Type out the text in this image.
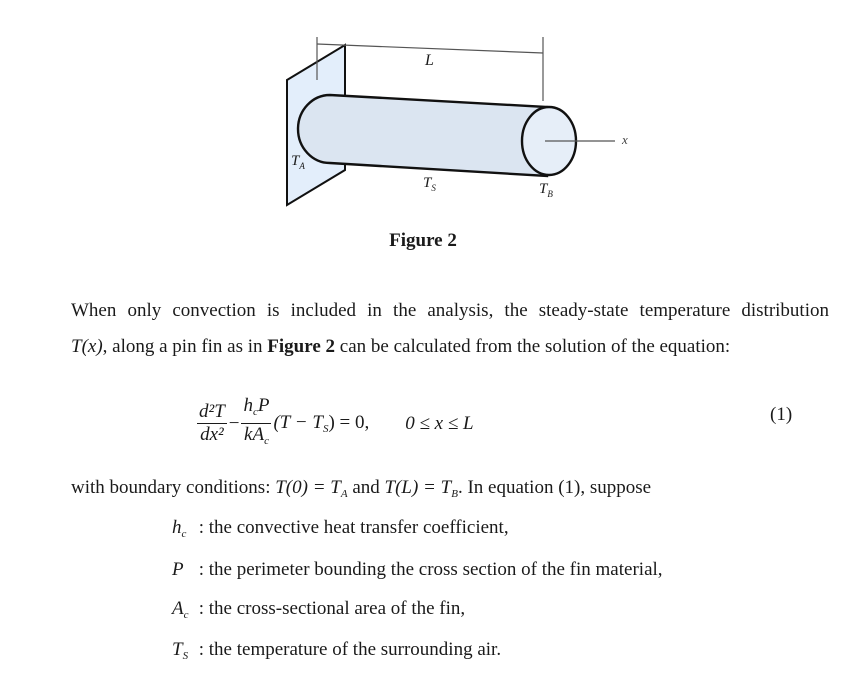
L
x
$T_A$
$T_S$	$T_B$
Figure 2
When only convection is included in the analysis, the steady-state temperature distribution
T(x), along a pin fin as in Figure 2 can be calculated from the solution of the equation:
$\frac{\text{d²T}}{\text{dx²}} - \frac{h_cP}{kA_c} (T - T_S) = 0$, 0 ≤ x ≤ L	(1)
with boundary conditions: $T(0) = T_A$ and $T(L) = T_B$. In equation (1), suppose
$h_c$ : the convective heat transfer coefficient,
P : the perimeter bounding the cross section of the fin material,
$A_c$ : the cross-sectional area of the fin,
$T_S$ : the temperature of the surrounding air.
